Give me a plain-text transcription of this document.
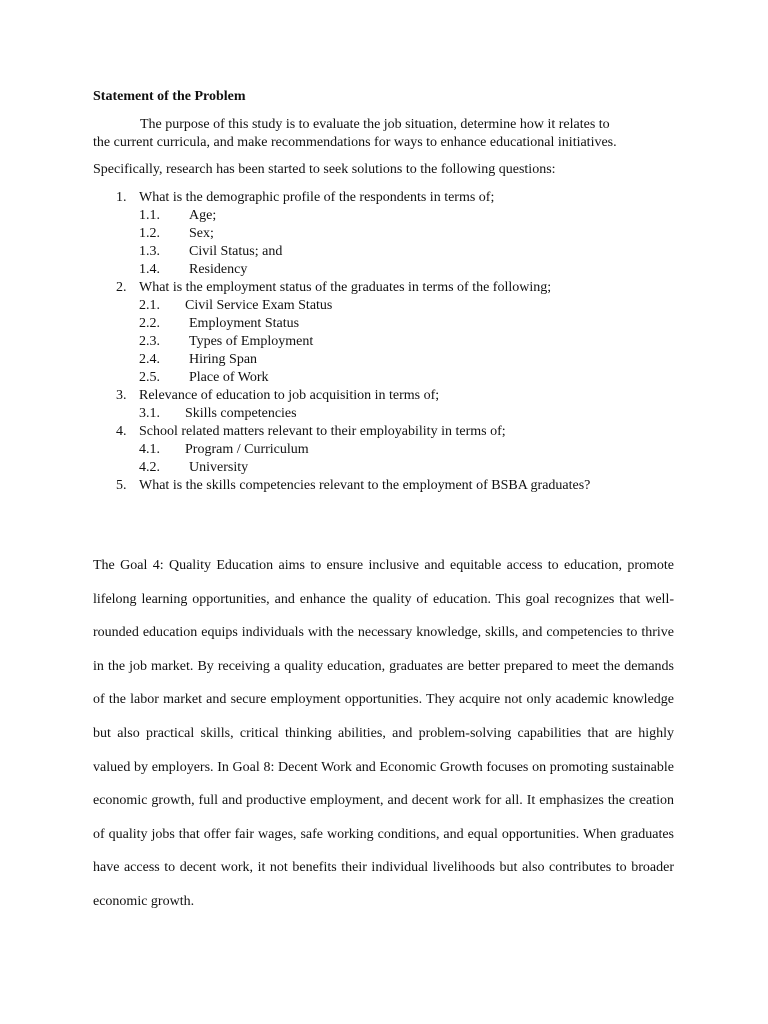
Statement of the Problem
The purpose of this study is to evaluate the job situation, determine how it relates to
the current curricula, and make recommendations for ways to enhance educational initiatives.
Specifically, research has been started to seek solutions to the following questions:
1. What is the demographic profile of the respondents in terms of;
1.1. Age;
1.2. Sex;
1.3. Civil Status; and
1.4. Residency
2. What is the employment status of the graduates in terms of the following;
2.1. Civil Service Exam Status
2.2. Employment Status
2.3. Types of Employment
2.4. Hiring Span
2.5. Place of Work
3. Relevance of education to job acquisition in terms of;
3.1. Skills competencies
4. School related matters relevant to their employability in terms of;
4.1. Program / Curriculum
4.2. University
5. What is the skills competencies relevant to the employment of BSBA graduates?

The Goal 4: Quality Education aims to ensure inclusive and equitable access to education, promote lifelong learning opportunities, and enhance the quality of education. This goal recognizes that well-rounded education equips individuals with the necessary knowledge, skills, and competencies to thrive in the job market. By receiving a quality education, graduates are better prepared to meet the demands of the labor market and secure employment opportunities. They acquire not only academic knowledge but also practical skills, critical thinking abilities, and problem-solving capabilities that are highly valued by employers. In Goal 8: Decent Work and Economic Growth focuses on promoting sustainable economic growth, full and productive employment, and decent work for all. It emphasizes the creation of quality jobs that offer fair wages, safe working conditions, and equal opportunities. When graduates have access to decent work, it not benefits their individual livelihoods but also contributes to broader economic growth.
